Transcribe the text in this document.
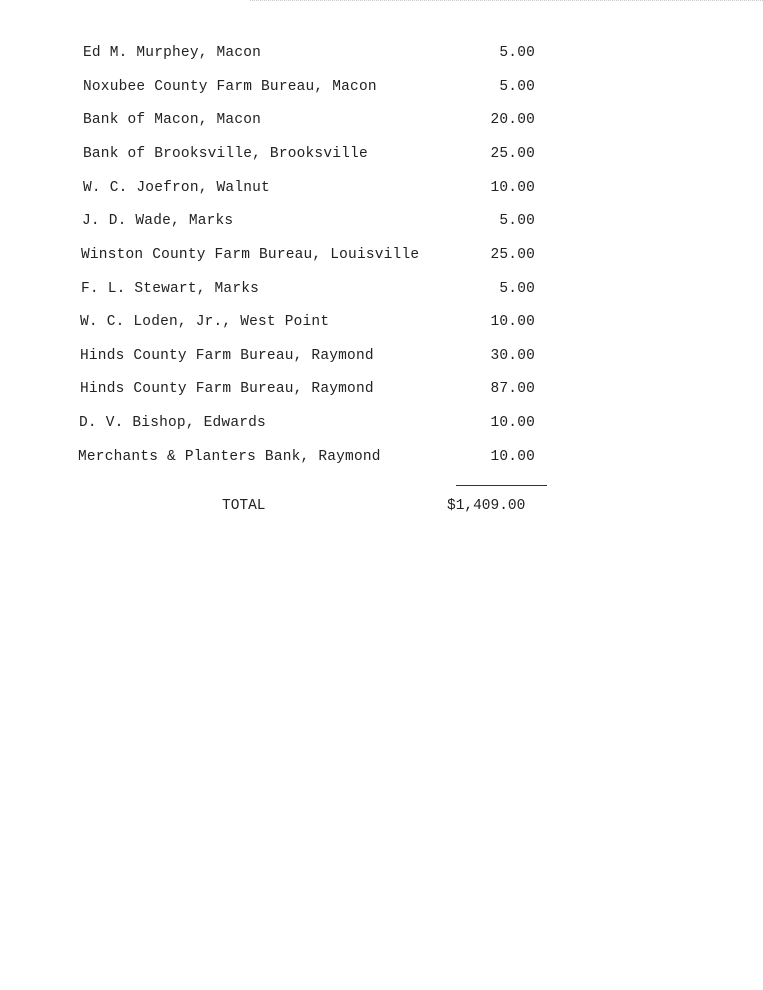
Ed M. Murphey, Macon	5.00
Noxubee County Farm Bureau, Macon	5.00
Bank of Macon, Macon	20.00
Bank of Brooksville, Brooksville	25.00
W. C. Joefron, Walnut	10.00
J. D. Wade, Marks	5.00
Winston County Farm Bureau, Louisville	25.00
F. L. Stewart, Marks	5.00
W. C. Loden, Jr., West Point	10.00
Hinds County Farm Bureau, Raymond	30.00
Hinds County Farm Bureau, Raymond	87.00
D. V. Bishop, Edwards	10.00
Merchants & Planters Bank, Raymond	10.00
TOTAL	$1,409.00
